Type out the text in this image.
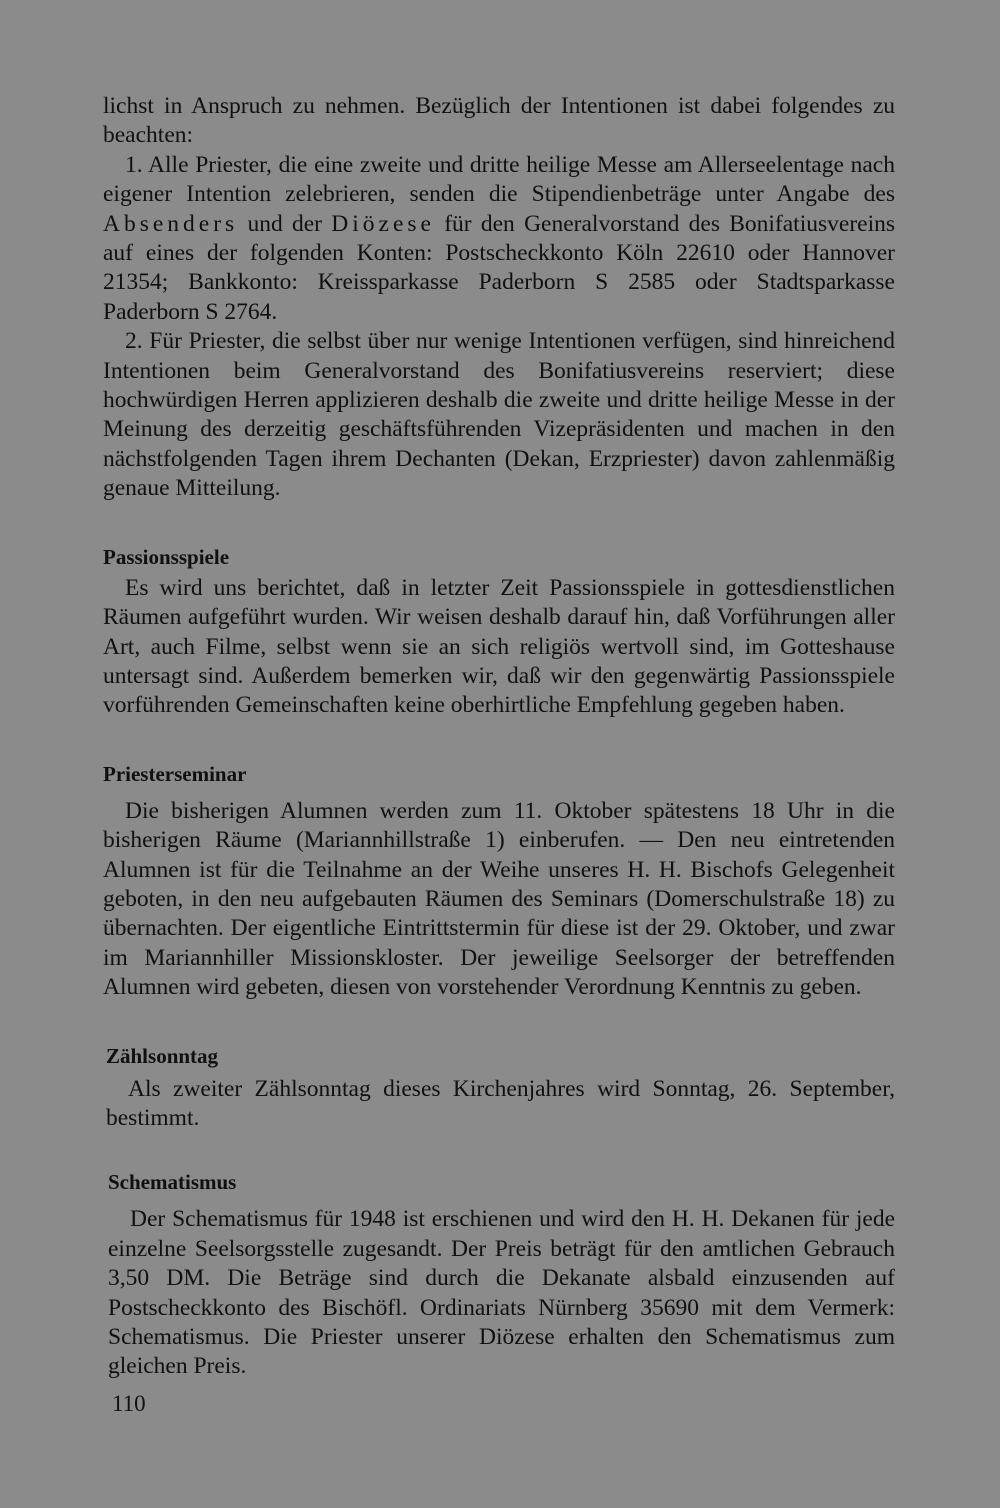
lichst in Anspruch zu nehmen. Bezüglich der Intentionen ist dabei folgendes zu beachten:

1. Alle Priester, die eine zweite und dritte heilige Messe am Allerseelentage nach eigener Intention zelebrieren, senden die Stipendienbeträge unter Angabe des Absenders und der Diözese für den Generalvorstand des Bonifatiusvereins auf eines der folgenden Konten: Postscheckkonto Köln 22610 oder Hannover 21354; Bankkonto: Kreissparkasse Paderborn S 2585 oder Stadtsparkasse Paderborn S 2764.

2. Für Priester, die selbst über nur wenige Intentionen verfügen, sind hinreichend Intentionen beim Generalvorstand des Bonifatiusvereins reserviert; diese hochwürdigen Herren applizieren deshalb die zweite und dritte heilige Messe in der Meinung des derzeitig geschäftsführenden Vizepräsidenten und machen in den nächstfolgenden Tagen ihrem Dechanten (Dekan, Erzpriester) davon zahlenmäßig genaue Mitteilung.

Passionsspiele

Es wird uns berichtet, daß in letzter Zeit Passionsspiele in gottesdienstlichen Räumen aufgeführt wurden. Wir weisen deshalb darauf hin, daß Vorführungen aller Art, auch Filme, selbst wenn sie an sich religiös wertvoll sind, im Gotteshause untersagt sind. Außerdem bemerken wir, daß wir den gegenwärtig Passionsspiele vorführenden Gemeinschaften keine oberhirtliche Empfehlung gegeben haben.

Priesterseminar

Die bisherigen Alumnen werden zum 11. Oktober spätestens 18 Uhr in die bisherigen Räume (Mariannhillstraße 1) einberufen. — Den neu eintretenden Alumnen ist für die Teilnahme an der Weihe unseres H. H. Bischofs Gelegenheit geboten, in den neu aufgebauten Räumen des Seminars (Domerschulstraße 18) zu übernachten. Der eigentliche Eintrittstermin für diese ist der 29. Oktober, und zwar im Mariannhiller Missionskloster. Der jeweilige Seelsorger der betreffenden Alumnen wird gebeten, diesen von vorstehender Verordnung Kenntnis zu geben.

Zählsonntag

Als zweiter Zählsonntag dieses Kirchenjahres wird Sonntag, 26. September, bestimmt.

Schematismus

Der Schematismus für 1948 ist erschienen und wird den H. H. Dekanen für jede einzelne Seelsorgsstelle zugesandt. Der Preis beträgt für den amtlichen Gebrauch 3,50 DM. Die Beträge sind durch die Dekanate alsbald einzusenden auf Postscheckkonto des Bischöfl. Ordinariats Nürnberg 35690 mit dem Vermerk: Schematismus. Die Priester unserer Diözese erhalten den Schematismus zum gleichen Preis.

110
